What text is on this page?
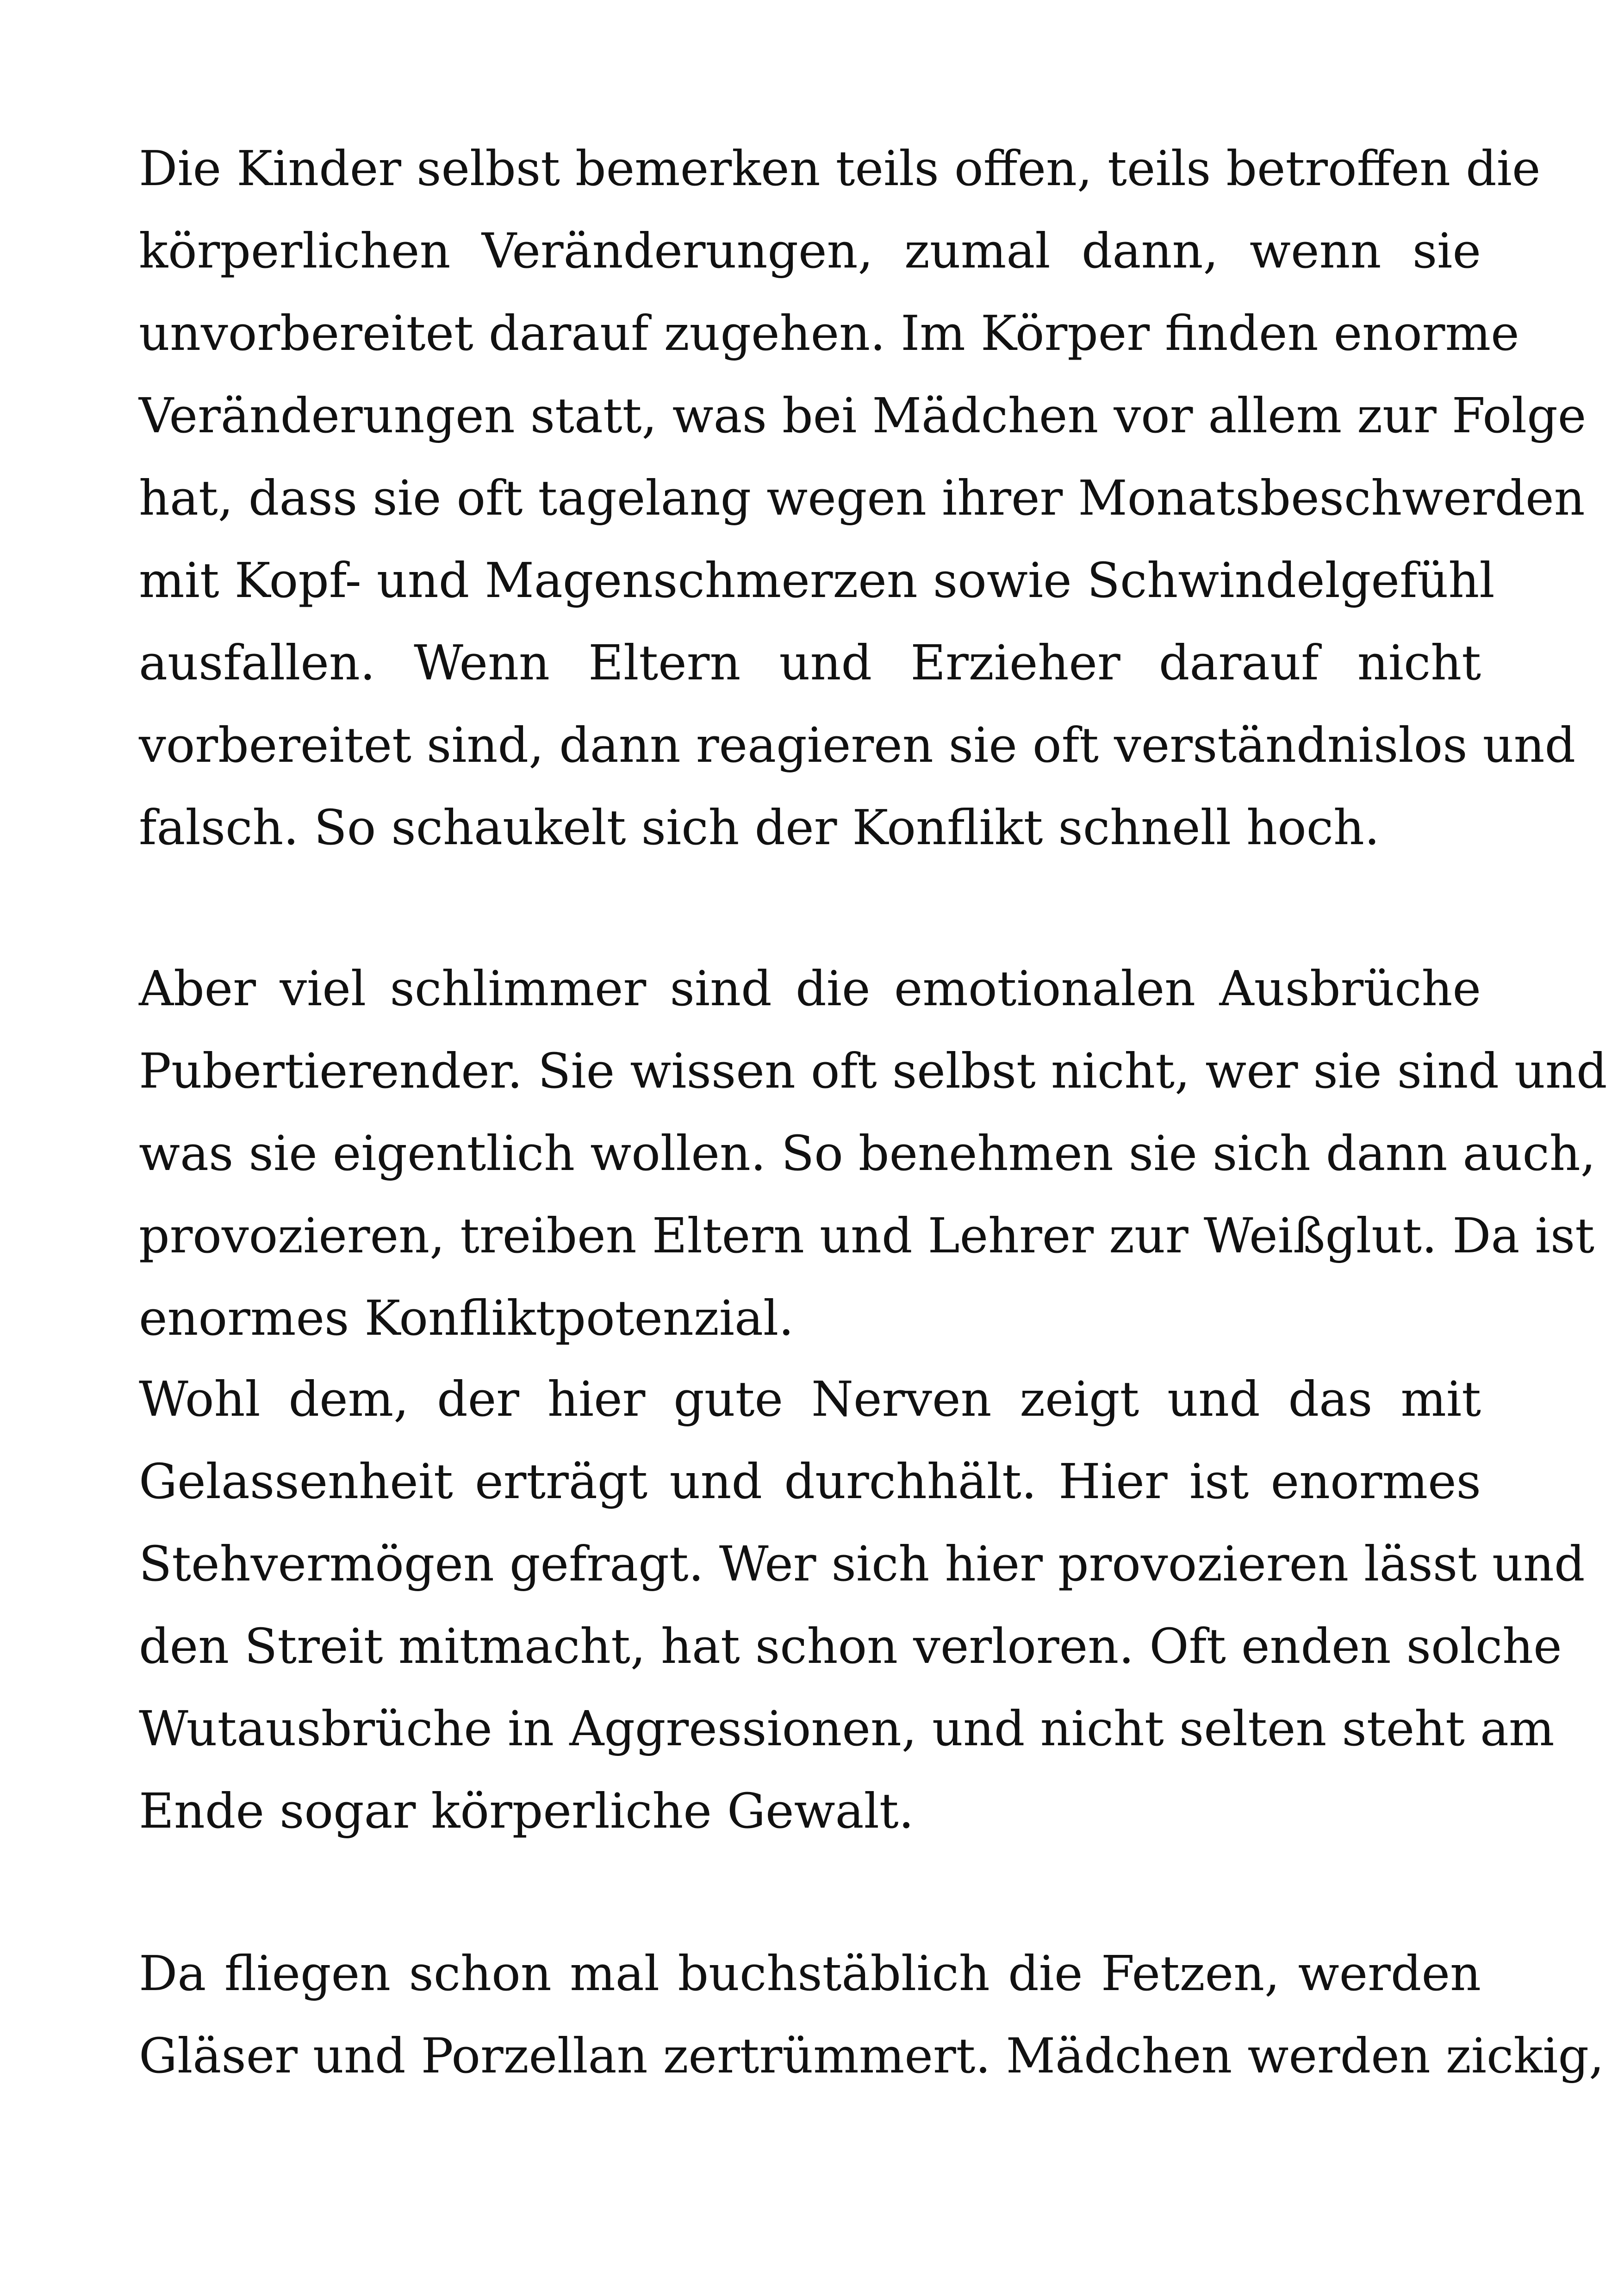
Die Kinder selbst bemerken teils offen, teils betroffen die
körperlichen Veränderungen, zumal dann, wenn sie
unvorbereitet darauf zugehen. Im Körper finden enorme
Veränderungen statt, was bei Mädchen vor allem zur Folge
hat, dass sie oft tagelang wegen ihrer Monatsbeschwerden
mit Kopf- und Magenschmerzen sowie Schwindelgefühl
ausfallen. Wenn Eltern und Erzieher darauf nicht
vorbereitet sind, dann reagieren sie oft verständnislos und
falsch. So schaukelt sich der Konflikt schnell hoch.
Aber viel schlimmer sind die emotionalen Ausbrüche
Pubertierender. Sie wissen oft selbst nicht, wer sie sind und
was sie eigentlich wollen. So benehmen sie sich dann auch,
provozieren, treiben Eltern und Lehrer zur Weißglut. Da ist
enormes Konfliktpotenzial.
Wohl dem, der hier gute Nerven zeigt und das mit
Gelassenheit erträgt und durchhält. Hier ist enormes
Stehvermögen gefragt. Wer sich hier provozieren lässt und
den Streit mitmacht, hat schon verloren. Oft enden solche
Wutausbrüche in Aggressionen, und nicht selten steht am
Ende sogar körperliche Gewalt.
Da fliegen schon mal buchstäblich die Fetzen, werden
Gläser und Porzellan zertrümmert. Mädchen werden zickig,
